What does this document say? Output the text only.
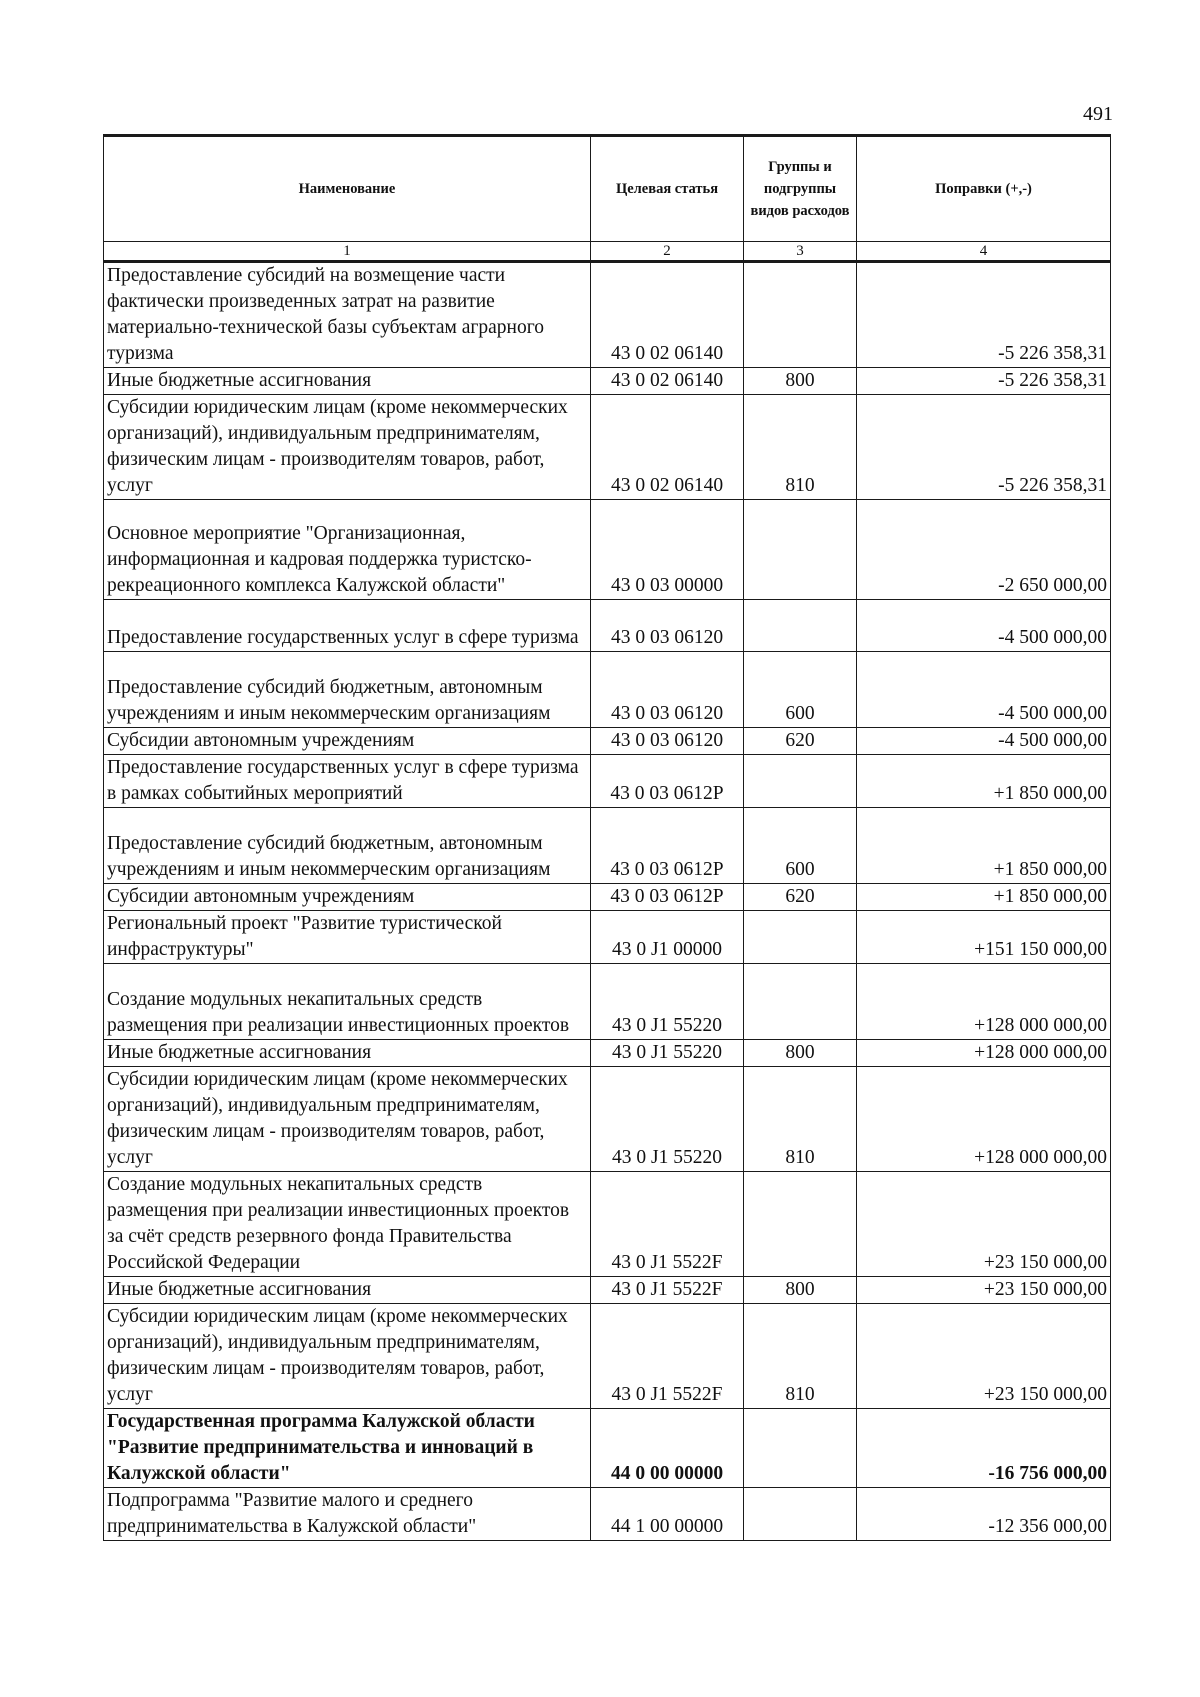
491
Наименование	Целевая статья	Группы и подгруппы видов расходов	Поправки (+,-)
1	2	3	4
Предоставление субсидий на возмещение части фактически произведенных затрат на развитие материально-технической базы субъектам аграрного туризма	43 0 02 06140		-5 226 358,31
Иные бюджетные ассигнования	43 0 02 06140	800	-5 226 358,31
Субсидии юридическим лицам (кроме некоммерческих организаций), индивидуальным предпринимателям, физическим лицам - производителям товаров, работ, услуг	43 0 02 06140	810	-5 226 358,31
Основное мероприятие "Организационная, информационная и кадровая поддержка туристско-рекреационного комплекса Калужской области"	43 0 03 00000		-2 650 000,00
Предоставление государственных услуг в сфере туризма	43 0 03 06120		-4 500 000,00
Предоставление субсидий бюджетным, автономным учреждениям и иным некоммерческим организациям	43 0 03 06120	600	-4 500 000,00
Субсидии автономным учреждениям	43 0 03 06120	620	-4 500 000,00
Предоставление государственных услуг в сфере туризма в рамках событийных мероприятий	43 0 03 0612P		+1 850 000,00
Предоставление субсидий бюджетным, автономным учреждениям и иным некоммерческим организациям	43 0 03 0612P	600	+1 850 000,00
Субсидии автономным учреждениям	43 0 03 0612P	620	+1 850 000,00
Региональный проект "Развитие туристической инфраструктуры"	43 0 J1 00000		+151 150 000,00
Создание модульных некапитальных средств размещения при реализации инвестиционных проектов	43 0 J1 55220		+128 000 000,00
Иные бюджетные ассигнования	43 0 J1 55220	800	+128 000 000,00
Субсидии юридическим лицам (кроме некоммерческих организаций), индивидуальным предпринимателям, физическим лицам - производителям товаров, работ, услуг	43 0 J1 55220	810	+128 000 000,00
Создание модульных некапитальных средств размещения при реализации инвестиционных проектов за счёт средств резервного фонда Правительства Российской Федерации	43 0 J1 5522F		+23 150 000,00
Иные бюджетные ассигнования	43 0 J1 5522F	800	+23 150 000,00
Субсидии юридическим лицам (кроме некоммерческих организаций), индивидуальным предпринимателям, физическим лицам - производителям товаров, работ, услуг	43 0 J1 5522F	810	+23 150 000,00
Государственная программа Калужской области "Развитие предпринимательства и инноваций в Калужской области"	44 0 00 00000		-16 756 000,00
Подпрограмма "Развитие малого и среднего предпринимательства в Калужской области"	44 1 00 00000		-12 356 000,00
